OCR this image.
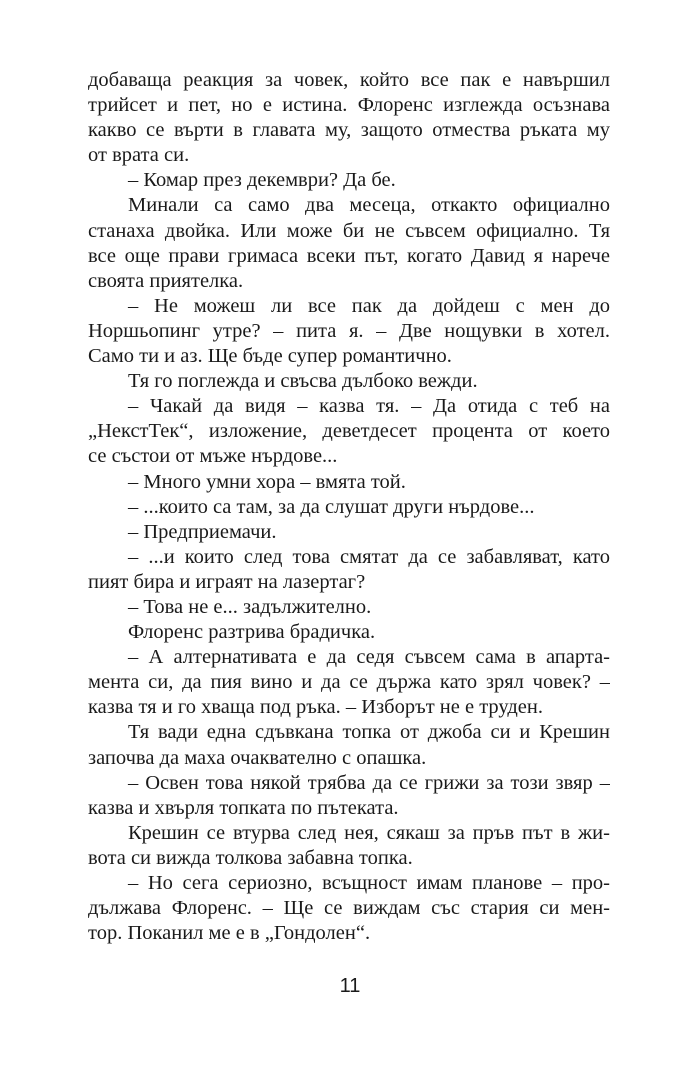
добаваща реакция за човек, който все пак е навършил
трийсет и пет, но е истина. Флоренс изглежда осъзнава
какво се върти в главата му, защото отмества ръката му
от врата си.
– Комар през декември? Да бе.
Минали са само два месеца, откакто официално
станаха двойка. Или може би не съвсем официално. Тя
все още прави гримаса всеки път, когато Давид я нарече
своята приятелка.
– Не можеш ли все пак да дойдеш с мен до
Норшьопинг утре? – пита я. – Две нощувки в хотел.
Само ти и аз. Ще бъде супер романтично.
Тя го поглежда и свъсва дълбоко вежди.
– Чакай да видя – казва тя. – Да отида с теб на
„НекстТек“, изложение, деветдесет процента от което
се състои от мъже нърдове...
– Много умни хора – вмята той.
– ...които са там, за да слушат други нърдове...
– Предприемачи.
– ...и които след това смятат да се забавляват, като
пият бира и играят на лазертаг?
– Това не е... задължително.
Флоренс разтрива брадичка.
– А алтернативата е да седя съвсем сама в апарта-
мента си, да пия вино и да се държа като зрял човек? –
казва тя и го хваща под ръка. – Изборът не е труден.
Тя вади една сдъвкана топка от джоба си и Крешин
започва да маха очаквателно с опашка.
– Освен това някой трябва да се грижи за този звяр –
казва и хвърля топката по пътеката.
Крешин се втурва след нея, сякаш за пръв път в жи-
вота си вижда толкова забавна топка.
– Но сега сериозно, всъщност имам планове – про-
дължава Флоренс. – Ще се виждам със стария си мен-
тор. Поканил ме е в „Гондолен“.
11
